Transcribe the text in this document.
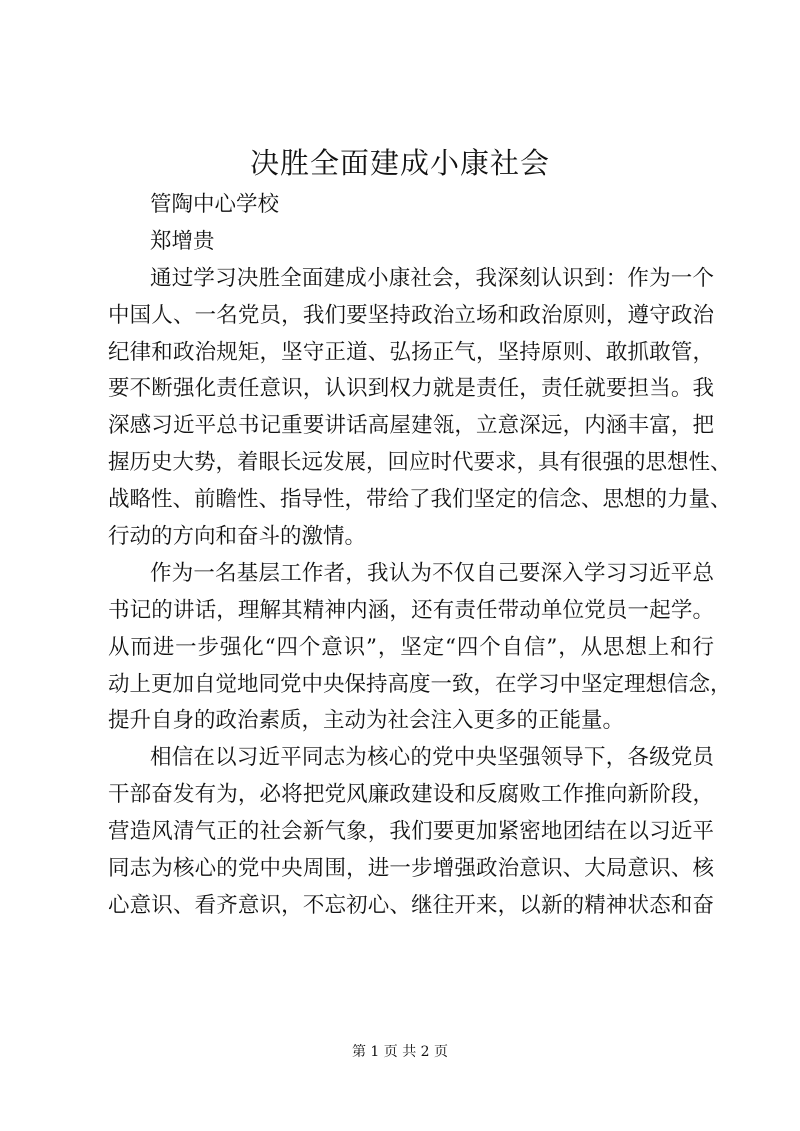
决胜全面建成小康社会
管陶中心学校
郑增贵
通过学习决胜全面建成小康社会，我深刻认识到：作为一个
中国人、一名党员，我们要坚持政治立场和政治原则，遵守政治
纪律和政治规矩，坚守正道、弘扬正气，坚持原则、敢抓敢管，
要不断强化责任意识，认识到权力就是责任，责任就要担当。我
深感习近平总书记重要讲话高屋建瓴，立意深远，内涵丰富，把
握历史大势，着眼长远发展，回应时代要求，具有很强的思想性、
战略性、前瞻性、指导性，带给了我们坚定的信念、思想的力量、
行动的方向和奋斗的激情。
作为一名基层工作者，我认为不仅自己要深入学习习近平总
书记的讲话，理解其精神内涵，还有责任带动单位党员一起学。
从而进一步强化“四个意识”，坚定“四个自信”，从思想上和行
动上更加自觉地同党中央保持高度一致，在学习中坚定理想信念，
提升自身的政治素质，主动为社会注入更多的正能量。
相信在以习近平同志为核心的党中央坚强领导下，各级党员
干部奋发有为，必将把党风廉政建设和反腐败工作推向新阶段，
营造风清气正的社会新气象，我们要更加紧密地团结在以习近平
同志为核心的党中央周围，进一步增强政治意识、大局意识、核
心意识、看齐意识，不忘初心、继往开来，以新的精神状态和奋
第 1 页 共 2 页
